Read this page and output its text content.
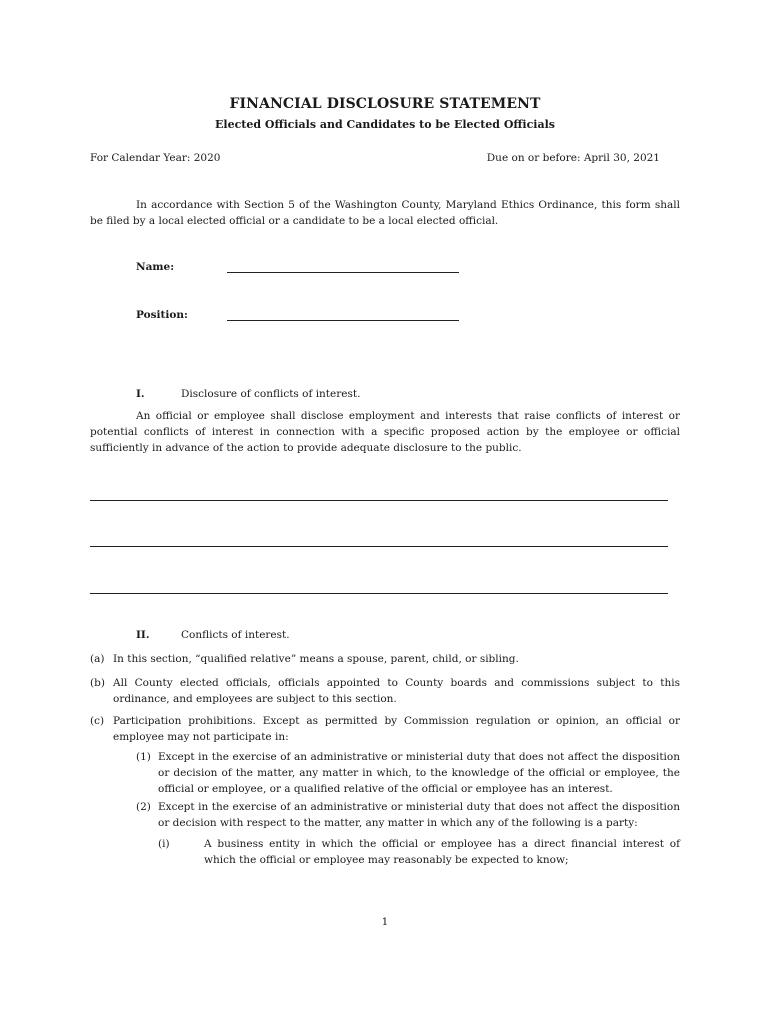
FINANCIAL DISCLOSURE STATEMENT
Elected Officials and Candidates to be Elected Officials
For Calendar Year: 2020	Due on or before: April 30, 2021
In accordance with Section 5 of the Washington County, Maryland Ethics Ordinance, this form shall be filed by a local elected official or a candidate to be a local elected official.
Name:
Position:
I.	Disclosure of conflicts of interest.
An official or employee shall disclose employment and interests that raise conflicts of interest or potential conflicts of interest in connection with a specific proposed action by the employee or official sufficiently in advance of the action to provide adequate disclosure to the public.
II.	Conflicts of interest.
(a) In this section, “qualified relative” means a spouse, parent, child, or sibling.
(b) All County elected officials, officials appointed to County boards and commissions subject to this ordinance, and employees are subject to this section.
(c) Participation prohibitions. Except as permitted by Commission regulation or opinion, an official or employee may not participate in:
(1) Except in the exercise of an administrative or ministerial duty that does not affect the disposition or decision of the matter, any matter in which, to the knowledge of the official or employee, the official or employee, or a qualified relative of the official or employee has an interest.
(2) Except in the exercise of an administrative or ministerial duty that does not affect the disposition or decision with respect to the matter, any matter in which any of the following is a party:
(i)	A business entity in which the official or employee has a direct financial interest of which the official or employee may reasonably be expected to know;
1
